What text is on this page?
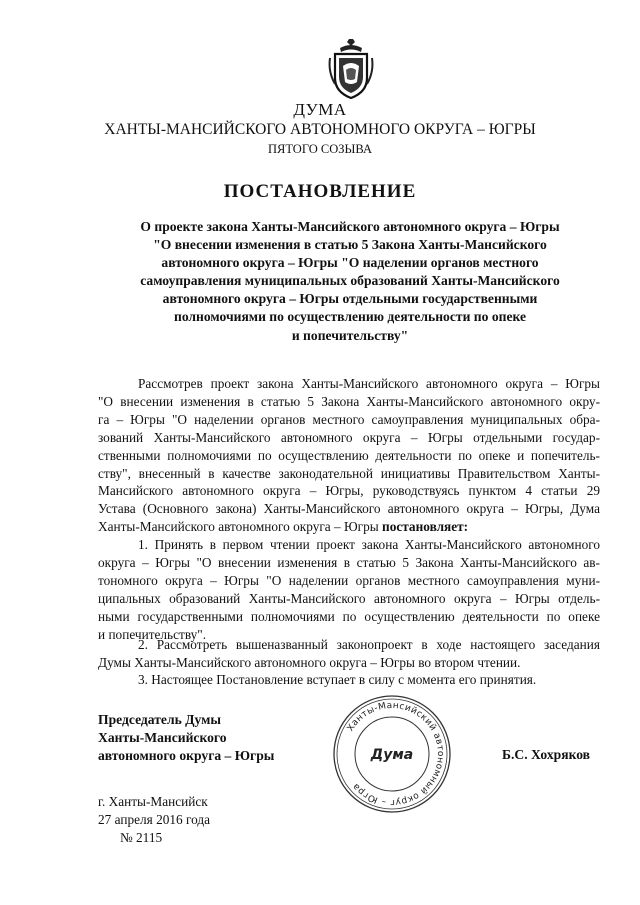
ДУМА
ХАНТЫ-МАНСИЙСКОГО АВТОНОМНОГО ОКРУГА – ЮГРЫ
ПЯТОГО СОЗЫВА
ПОСТАНОВЛЕНИЕ
О проекте закона Ханты-Мансийского автономного округа – Югры
"О внесении изменения в статью 5 Закона Ханты-Мансийского
автономного округа – Югры "О наделении органов местного
самоуправления муниципальных образований Ханты-Мансийского
автономного округа – Югры отдельными государственными
полномочиями по осуществлению деятельности по опеке
и попечительству"
Рассмотрев проект закона Ханты-Мансийского автономного округа – Югры
"О внесении изменения в статью 5 Закона Ханты-Мансийского автономного окру-
га – Югры "О наделении органов местного самоуправления муниципальных обра-
зований Ханты-Мансийского автономного округа – Югры отдельными государ-
ственными полномочиями по осуществлению деятельности по опеке и попечитель-
ству", внесенный в качестве законодательной инициативы Правительством Ханты-
Мансийского автономного округа – Югры, руководствуясь пунктом 4 статьи 29
Устава (Основного закона) Ханты-Мансийского автономного округа – Югры, Дума
Ханты-Мансийского автономного округа – Югры постановляет:
1. Принять в первом чтении проект закона Ханты-Мансийского автономного
округа – Югры "О внесении изменения в статью 5 Закона Ханты-Мансийского ав-
тономного округа – Югры "О наделении органов местного самоуправления муни-
ципальных образований Ханты-Мансийского автономного округа – Югры отдель-
ными государственными полномочиями по осуществлению деятельности по опеке
и попечительству".
2. Рассмотреть вышеназванный законопроект в ходе настоящего заседания
Думы Ханты-Мансийского автономного округа – Югры во втором чтении.
3. Настоящее Постановление вступает в силу с момента его принятия.
Председатель Думы
Ханты-Мансийского
автономного округа – Югры
Ханты-Мансийский автономный округ – Югра
Дума	Б.С. Хохряков
г. Ханты-Мансийск
27 апреля 2016 года
№ 2115
